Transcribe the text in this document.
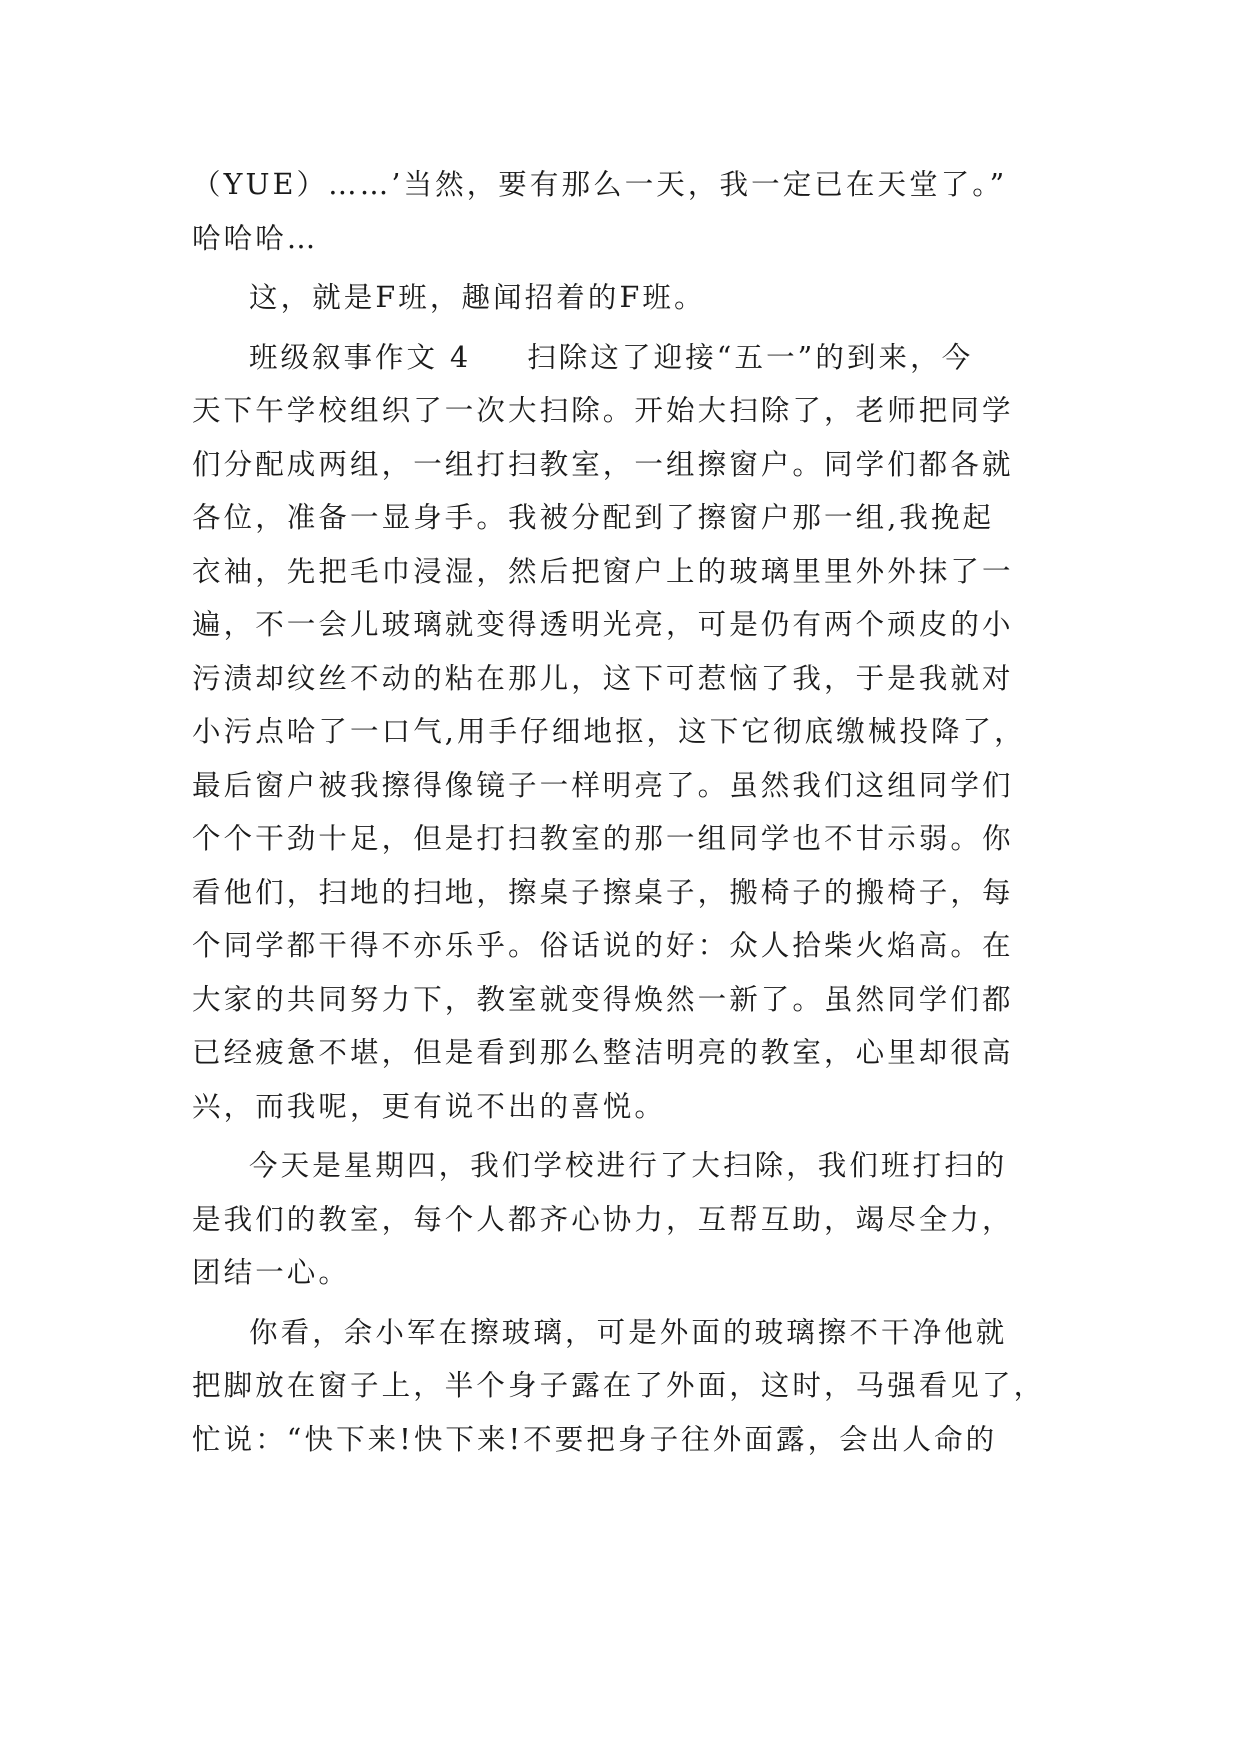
（YUE）……’当然，要有那么一天，我一定已在天堂了。”
哈哈哈…

这，就是F班，趣闻招着的F班。

班级叙事作文 4 扫除这了迎接“五一”的到来，今
天下午学校组织了一次大扫除。开始大扫除了，老师把同学
们分配成两组，一组打扫教室，一组擦窗户。同学们都各就
各位，准备一显身手。我被分配到了擦窗户那一组,我挽起
衣袖，先把毛巾浸湿，然后把窗户上的玻璃里里外外抹了一
遍，不一会儿玻璃就变得透明光亮，可是仍有两个顽皮的小
污渍却纹丝不动的粘在那儿，这下可惹恼了我，于是我就对
小污点哈了一口气,用手仔细地抠，这下它彻底缴械投降了，
最后窗户被我擦得像镜子一样明亮了。虽然我们这组同学们
个个干劲十足，但是打扫教室的那一组同学也不甘示弱。你
看他们，扫地的扫地，擦桌子擦桌子，搬椅子的搬椅子，每
个同学都干得不亦乐乎。俗话说的好：众人拾柴火焰高。在
大家的共同努力下，教室就变得焕然一新了。虽然同学们都
已经疲惫不堪，但是看到那么整洁明亮的教室，心里却很高
兴，而我呢，更有说不出的喜悦。

今天是星期四，我们学校进行了大扫除，我们班打扫的
是我们的教室，每个人都齐心协力，互帮互助，竭尽全力，
团结一心。

你看，余小军在擦玻璃，可是外面的玻璃擦不干净他就
把脚放在窗子上，半个身子露在了外面，这时，马强看见了，
忙说：“快下来!快下来!不要把身子往外面露，会出人命的
